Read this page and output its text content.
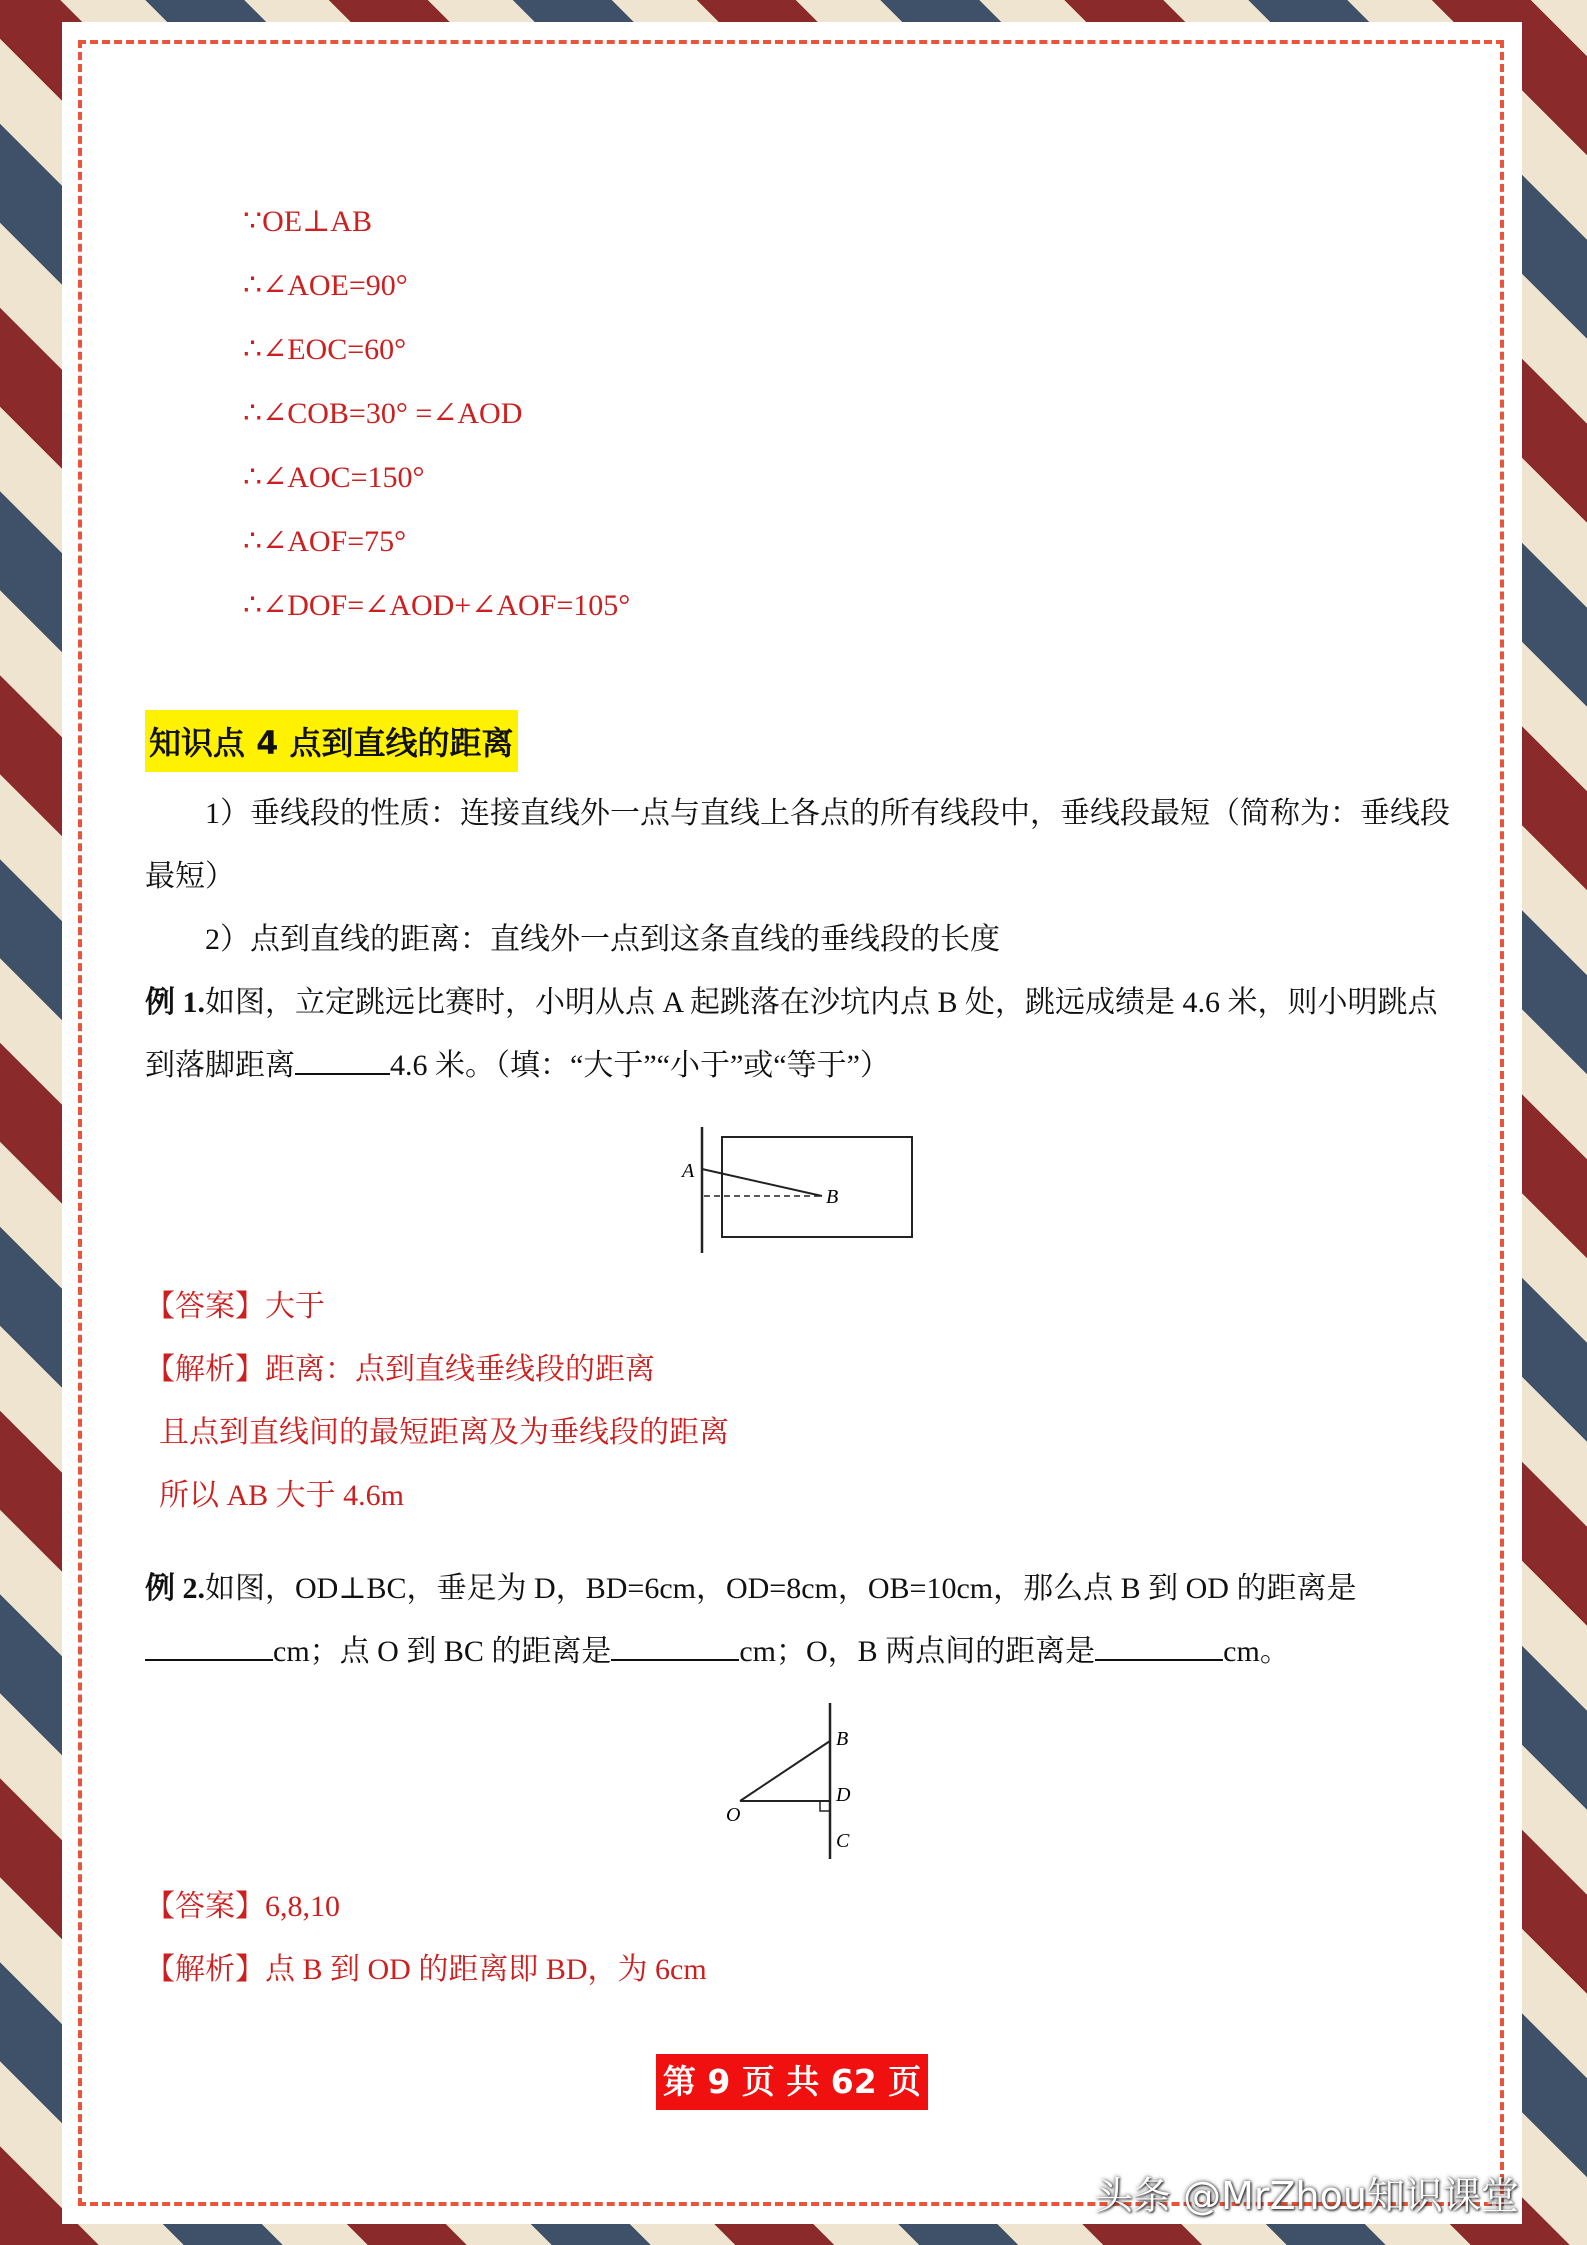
∵OE⊥AB
∴∠AOE=90°
∴∠EOC=60°
∴∠COB=30° =∠AOD
∴∠AOC=150°
∴∠AOF=75°
∴∠DOF=∠AOD+∠AOF=105°
知识点 4 点到直线的距离
1）垂线段的性质：连接直线外一点与直线上各点的所有线段中，垂线段最短（简称为：垂线段最短）
2）点到直线的距离：直线外一点到这条直线的垂线段的长度
例 1.如图，立定跳远比赛时，小明从点 A 起跳落在沙坑内点 B 处，跳远成绩是 4.6 米，则小明跳点到落脚距离	4.6 米。（填：“大于”“小于”或“等于”）
A
B
【答案】大于
【解析】距离：点到直线垂线段的距离
且点到直线间的最短距离及为垂线段的距离
所以 AB 大于 4.6m
例 2.如图，OD⊥BC，垂足为 D，BD=6cm，OD=8cm，OB=10cm，那么点 B 到 OD 的距离是
cm；点 O 到 BC 的距离是	cm；O，B 两点间的距离是	cm。
O
B
D
C
【答案】6,8,10
【解析】点 B 到 OD 的距离即 BD，为 6cm
第 9 页 共 62 页
头条 @MrZhou知识课堂
